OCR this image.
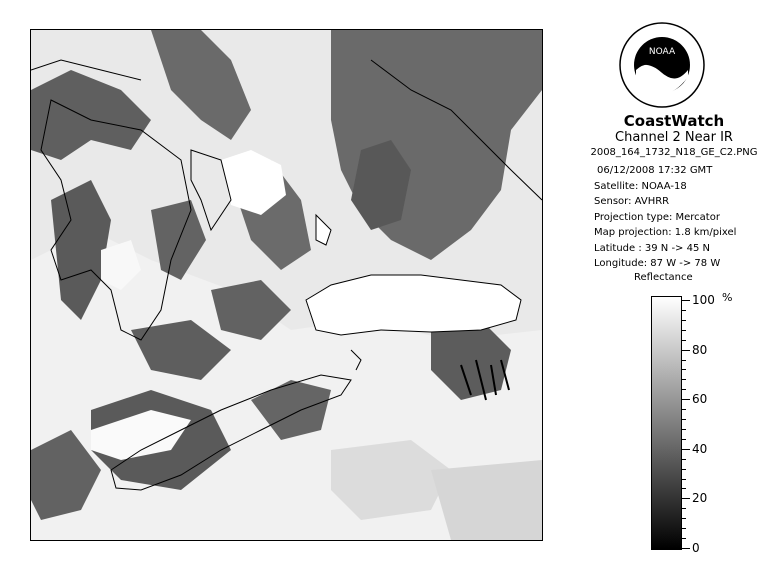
NOAA
CoastWatch
Channel 2 Near IR
2008_164_1732_N18_GE_C2.PNG
06/12/2008 17:32 GMT
Satellite: NOAA-18
Sensor: AVHRR
Projection type: Mercator
Map projection: 1.8 km/pixel
Latitude : 39 N -> 45 N
Longitude: 87 W -> 78 W
Reflectance
%
100
80
60
40
20
0
